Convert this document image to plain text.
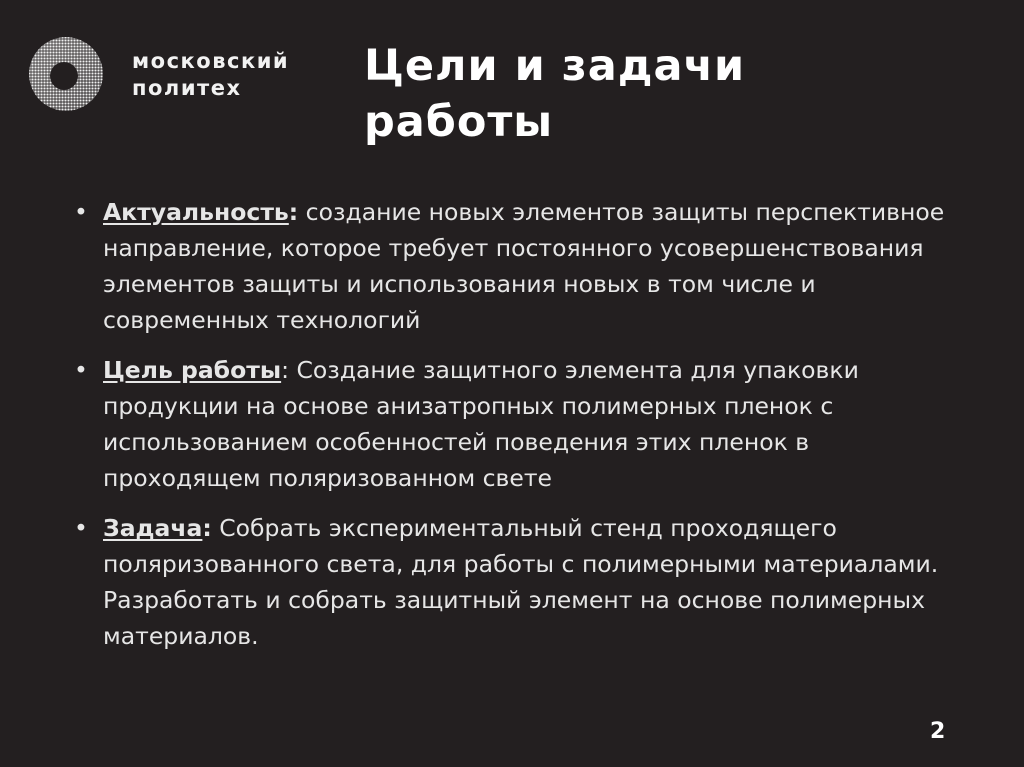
московский
политех	Цели и задачи
работы
• Актуальность: создание новых элементов защиты перспективное направление, которое требует постоянного усовершенствования элементов защиты и использования новых в том числе и современных технологий
• Цель работы: Создание защитного элемента для упаковки продукции на основе анизатропных полимерных пленок с использованием особенностей поведения этих пленок в проходящем поляризованном свете
• Задача: Собрать экспериментальный стенд проходящего поляризованного света, для работы с полимерными материалами. Разработать и собрать защитный элемент на основе полимерных материалов.
2
